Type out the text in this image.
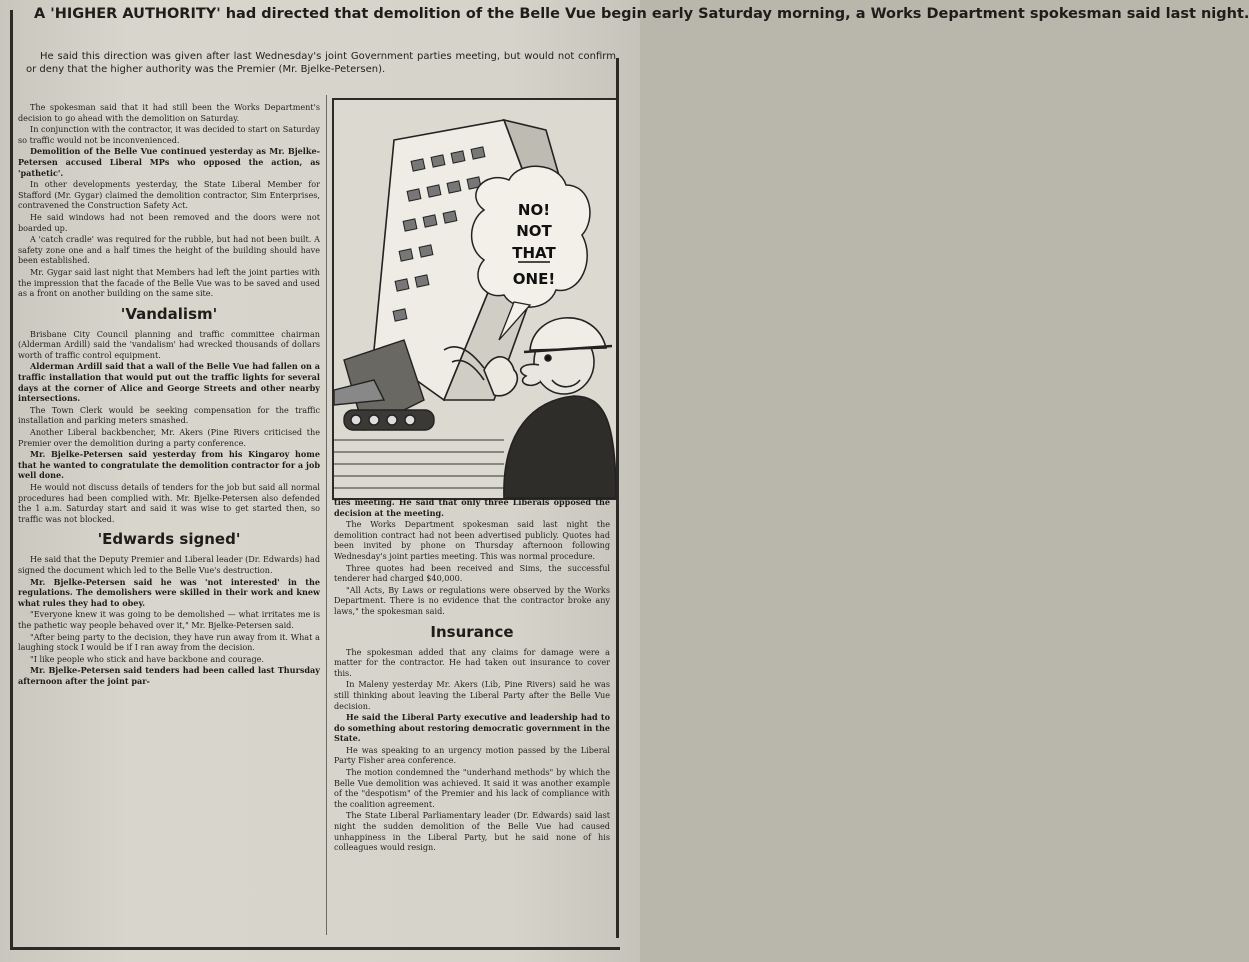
A 'HIGHER AUTHORITY' had directed that demolition of the Belle Vue begin early Saturday morning, a Works Department spokesman said last night.
He said this direction was given after last Wednesday's joint Government parties meeting, but would not confirm or deny that the higher authority was the Premier (Mr. Bjelke-Petersen).
NO!
NOT
THAT
ONE!

The spokesman said that it had still been the Works Department's decision to go ahead with the demolition on Saturday.

In conjunction with the contractor, it was decided to start on Saturday so traffic would not be inconvenienced.

Demolition of the Belle Vue continued yesterday as Mr. Bjelke-Petersen accused Liberal MPs who opposed the action, as 'pathetic'.

In other developments yesterday, the State Liberal Member for Stafford (Mr. Gygar) claimed the demolition contractor, Sim Enterprises, contravened the Construction Safety Act.

He said windows had not been removed and the doors were not boarded up.

A 'catch cradle' was required for the rubble, but had not been built. A safety zone one and a half times the height of the building should have been established.

Mr. Gygar said last night that Members had left the joint parties with the impression that the facade of the Belle Vue was to be saved and used as a front on another building on the same site.

'Vandalism'

Brisbane City Council planning and traffic committee chairman (Alderman Ardill) said the 'vandalism' had wrecked thousands of dollars worth of traffic control equipment.

Alderman Ardill said that a wall of the Belle Vue had fallen on a traffic installation that would put out the traffic lights for several days at the corner of Alice and George Streets and other nearby intersections.

The Town Clerk would be seeking compensation for the traffic installation and parking meters smashed.

Another Liberal backbencher, Mr. Akers (Pine Rivers criticised the Premier over the demolition during a party conference.

Mr. Bjelke-Petersen said yesterday from his Kingaroy home that he wanted to congratulate the demolition contractor for a job well done.

He would not discuss details of tenders for the job but said all normal procedures had been complied with. Mr. Bjelke-Petersen also defended the 1 a.m. Saturday start and said it was wise to get started then, so traffic was not blocked.

'Edwards signed'

He said that the Deputy Premier and Liberal leader (Dr. Edwards) had signed the document which led to the Belle Vue's destruction.

Mr. Bjelke-Petersen said he was 'not interested' in the regulations. The demolishers were skilled in their work and knew what rules they had to obey.

"Everyone knew it was going to be demolished — what irritates me is the pathetic way people behaved over it," Mr. Bjelke-Petersen said.

"After being party to the decision, they have run away from it. What a laughing stock I would be if I ran away from the decision.

"I like people who stick and have backbone and courage.

Mr. Bjelke-Petersen said tenders had been called last Thursday afternoon after the joint par-

ties meeting. He said that only three Liberals opposed the decision at the meeting.

The Works Department spokesman said last night the demolition contract had not been advertised publicly. Quotes had been invited by phone on Thursday afternoon following Wednesday's joint parties meeting. This was normal procedure.

Three quotes had been received and Sims, the successful tenderer had charged $40,000.

"All Acts, By Laws or regulations were observed by the Works Department. There is no evidence that the contractor broke any laws," the spokesman said.

Insurance

The spokesman added that any claims for damage were a matter for the contractor. He had taken out insurance to cover this.

In Maleny yesterday Mr. Akers (Lib, Pine Rivers) said he was still thinking about leaving the Liberal Party after the Belle Vue decision.

He said the Liberal Party executive and leadership had to do something about restoring democratic government in the State.

He was speaking to an urgency motion passed by the Liberal Party Fisher area conference.

The motion condemned the "underhand methods" by which the Belle Vue demolition was achieved. It said it was another example of the "despotism" of the Premier and his lack of compliance with the coalition agreement.

The State Liberal Parliamentary leader (Dr. Edwards) said last night the sudden demolition of the Belle Vue had caused unhappiness in the Liberal Party, but he said none of his colleagues would resign.
